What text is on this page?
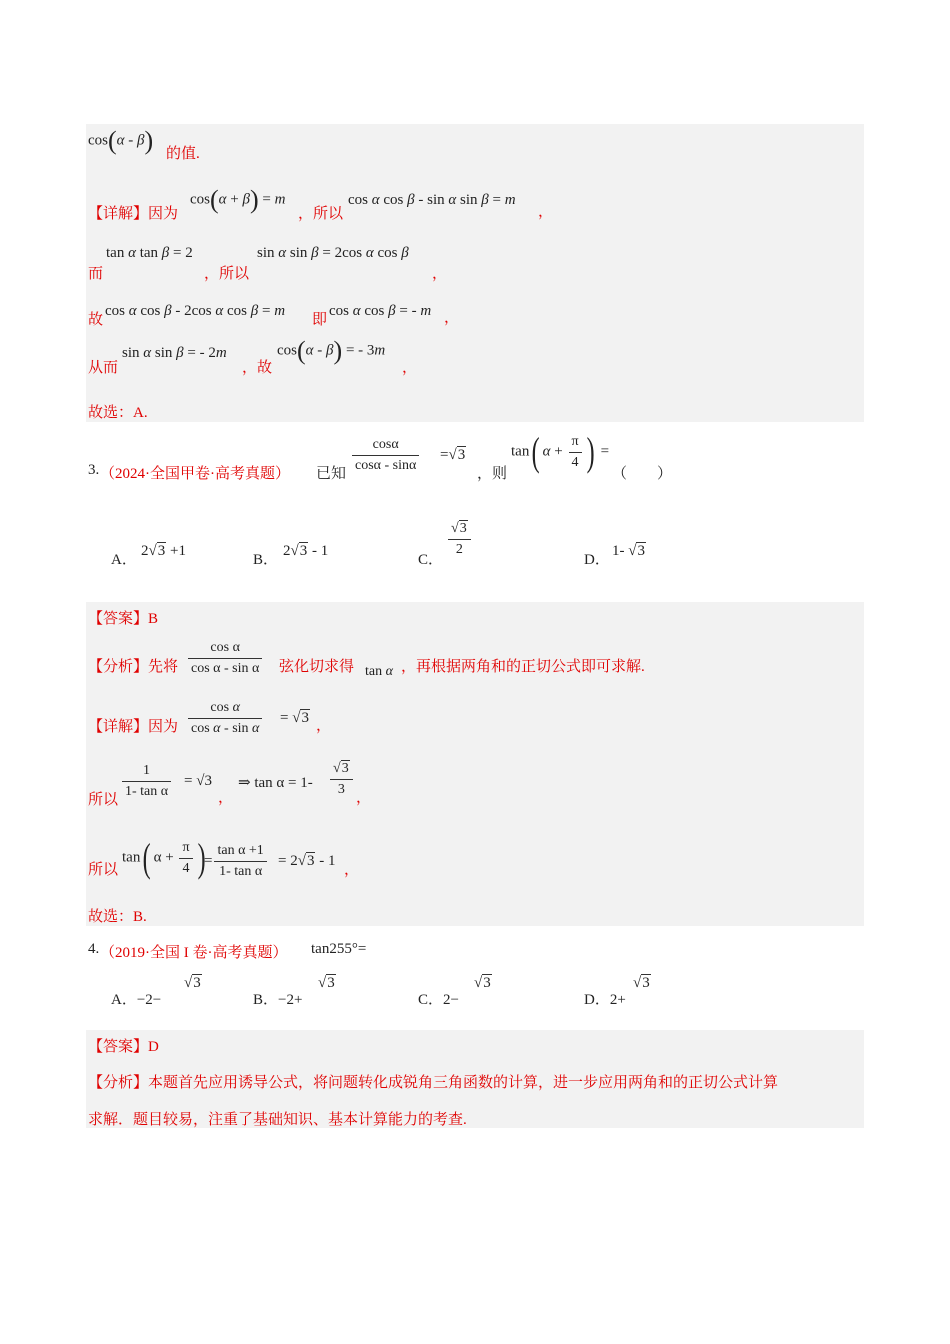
cos(α - β) 的值.
【详解】因为
cos(α + β) = m
，所以
cos α cos β - sin α sin β = m
，
tan α tan β = 2
而	，所以
sin α sin β = 2cos α cos β
，
故
cos α cos β - 2cos α cos β = m
即
cos α cos β = - m ，
从而
sin α sin β = - 2m
，故
cos(α - β) = - 3m
，
故选：A.
3. （2024·全国甲卷·高考真题） 已知 $\frac{\cos\alpha}{\cos\alpha - \sin\alpha} =√3$
，则
tan( $\alpha + \frac{\pi}{4}$ ) =
（　　）
A．
2√3 +1
B．
2√3 - 1
C．
$\frac{√3}{2}$
D．
1- √3
【答案】B
【分析】先将 $\frac{\text{cos α}}{\text{cos α - sin α}}$ 弦化切求得 tan α ，再根据两角和的正切公式即可求解.
【详解】因为 $\frac{\text{cos α}}{\text{cos α - sin α}} = √3$ ，
所以 $\frac{1}{\text{1- tan α}} = √3$
，
⇒ $\tan \alpha = 1- \frac{√3}{3}$ ，
所以
tan( $\alpha + \frac{\pi}{4}$ )
= $\frac{\text{tan α +1}}{\text{1- tan α}} = 2√3 - 1$
，
故选：B.
4. （2019·全国 I 卷·高考真题） tan255°=
A．−2−
√3
B．−2+
√3
C．2−
√3
D．2+
√3
【答案】D
【分析】本题首先应用诱导公式，将问题转化成锐角三角函数的计算，进一步应用两角和的正切公式计算
求解．题目较易，注重了基础知识、基本计算能力的考查.
